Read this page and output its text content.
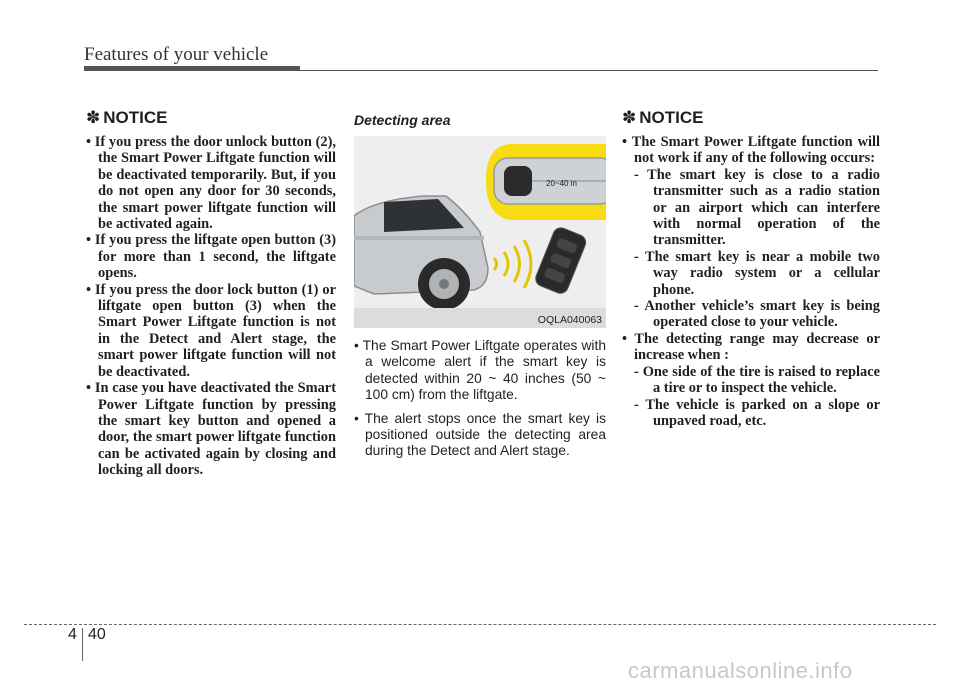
Features of your vehicle
✽ NOTICE
• If you press the door unlock button (2), the Smart Power Liftgate function will be deactivated temporarily. But, if you do not open any door for 30 seconds, the smart power liftgate function will be activated again.
• If you press the liftgate open button (3) for more than 1 second, the liftgate opens.
• If you press the door lock button (1) or liftgate open button (3) when the Smart Power Liftgate function is not in the Detect and Alert stage, the smart power liftgate function will not be deactivated.
• In case you have deactivated the Smart Power Liftgate function by pressing the smart key button and opened a door, the smart power liftgate function can be activated again by closing and locking all doors.
Detecting area
20~40 in
OQLA040063
• The Smart Power Liftgate operates with a welcome alert if the smart key is detected within 20 ~ 40 inches (50 ~ 100 cm) from the liftgate.
• The alert stops once the smart key is positioned outside the detecting area during the Detect and Alert stage.
✽ NOTICE
• The Smart Power Liftgate function will not work if any of the following occurs:
- The smart key is close to a radio transmitter such as a radio station or an airport which can interfere with normal operation of the transmitter.
- The smart key is near a mobile two way radio system or a cellular phone.
- Another vehicle’s smart key is being operated close to your vehicle.
• The detecting range may decrease or increase when :
- One side of the tire is raised to replace a tire or to inspect the vehicle.
- The vehicle is parked on a slope or unpaved road, etc.
4 40
carmanualsonline.info
